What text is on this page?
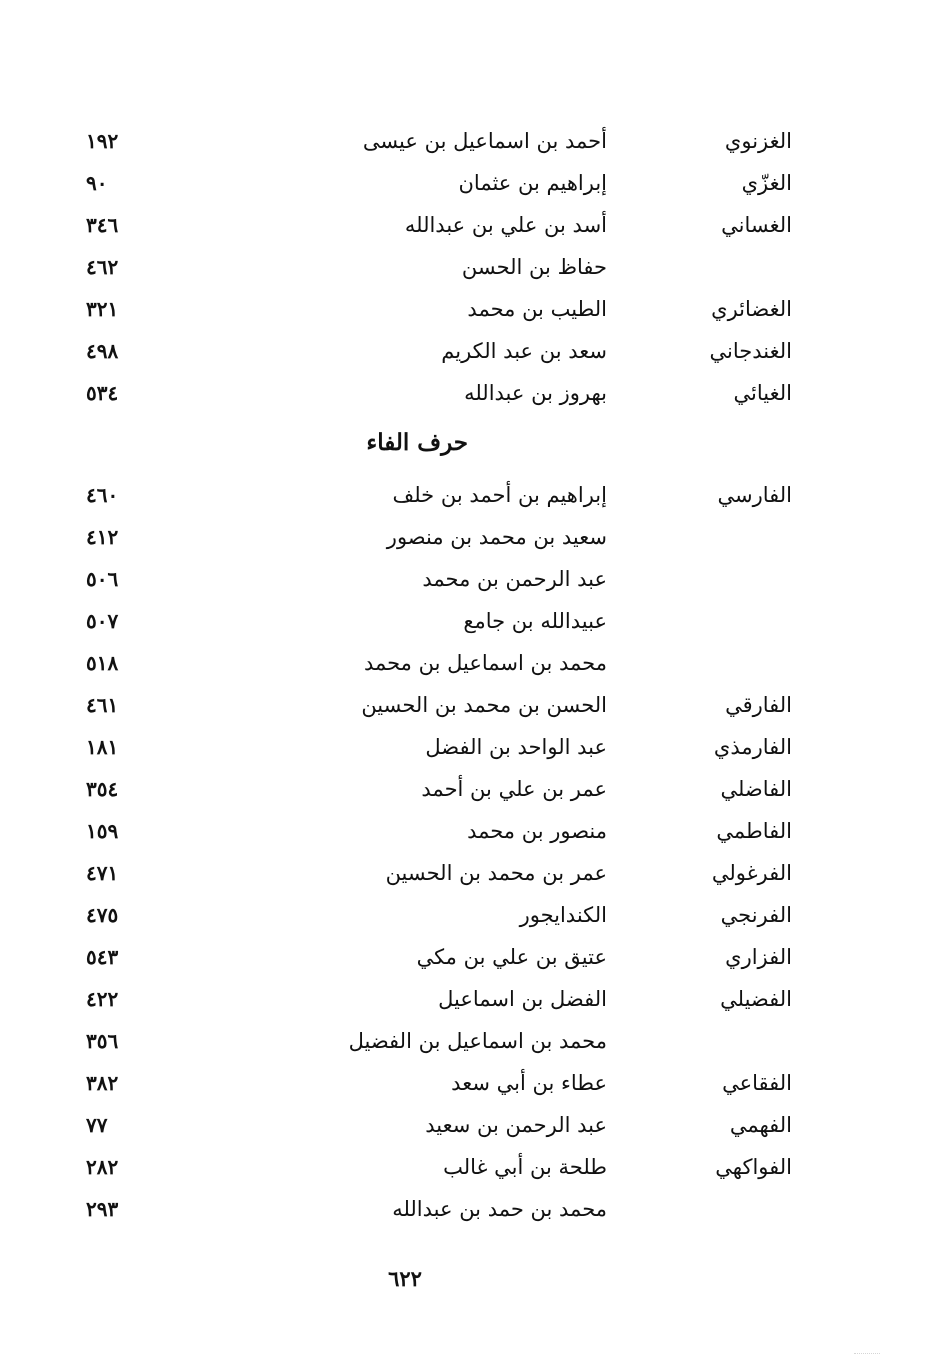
الغزنوي
أحمد بن اسماعيل بن عيسى
١٩٢
الغزّي
إبراهيم بن عثمان
٩٠
الغساني
أسد بن علي بن عبدالله
٣٤٦
حفاظ بن الحسن
٤٦٢
الغضائري
الطيب بن محمد
٣٢١
الغندجاني
سعد بن عبد الكريم
٤٩٨
الغيائي
بهروز بن عبدالله
٥٣٤
حرف الفاء
الفارسي
إبراهيم بن أحمد بن خلف
٤٦٠
سعيد بن محمد بن منصور
٤١٢
عبد الرحمن بن محمد
٥٠٦
عبيدالله بن جامع
٥٠٧
محمد بن اسماعيل بن محمد
٥١٨
الفارقي
الحسن بن محمد بن الحسين
٤٦١
الفارمذي
عبد الواحد بن الفضل
١٨١
الفاضلي
عمر بن علي بن أحمد
٣٥٤
الفاطمي
منصور بن محمد
١٥٩
الفرغولي
عمر بن محمد بن الحسين
٤٧١
الفرنجي
الكندايجور
٤٧٥
الفزاري
عتيق بن علي بن مكي
٥٤٣
الفضيلي
الفضل بن اسماعيل
٤٢٢
محمد بن اسماعيل بن الفضيل
٣٥٦
الفقاعي
عطاء بن أبي سعد
٣٨٢
الفهمي
عبد الرحمن بن سعيد
٧٧
الفواكهي
طلحة بن أبي غالب
٢٨٢
محمد بن حمد بن عبدالله
٢٩٣
٦٢٢
